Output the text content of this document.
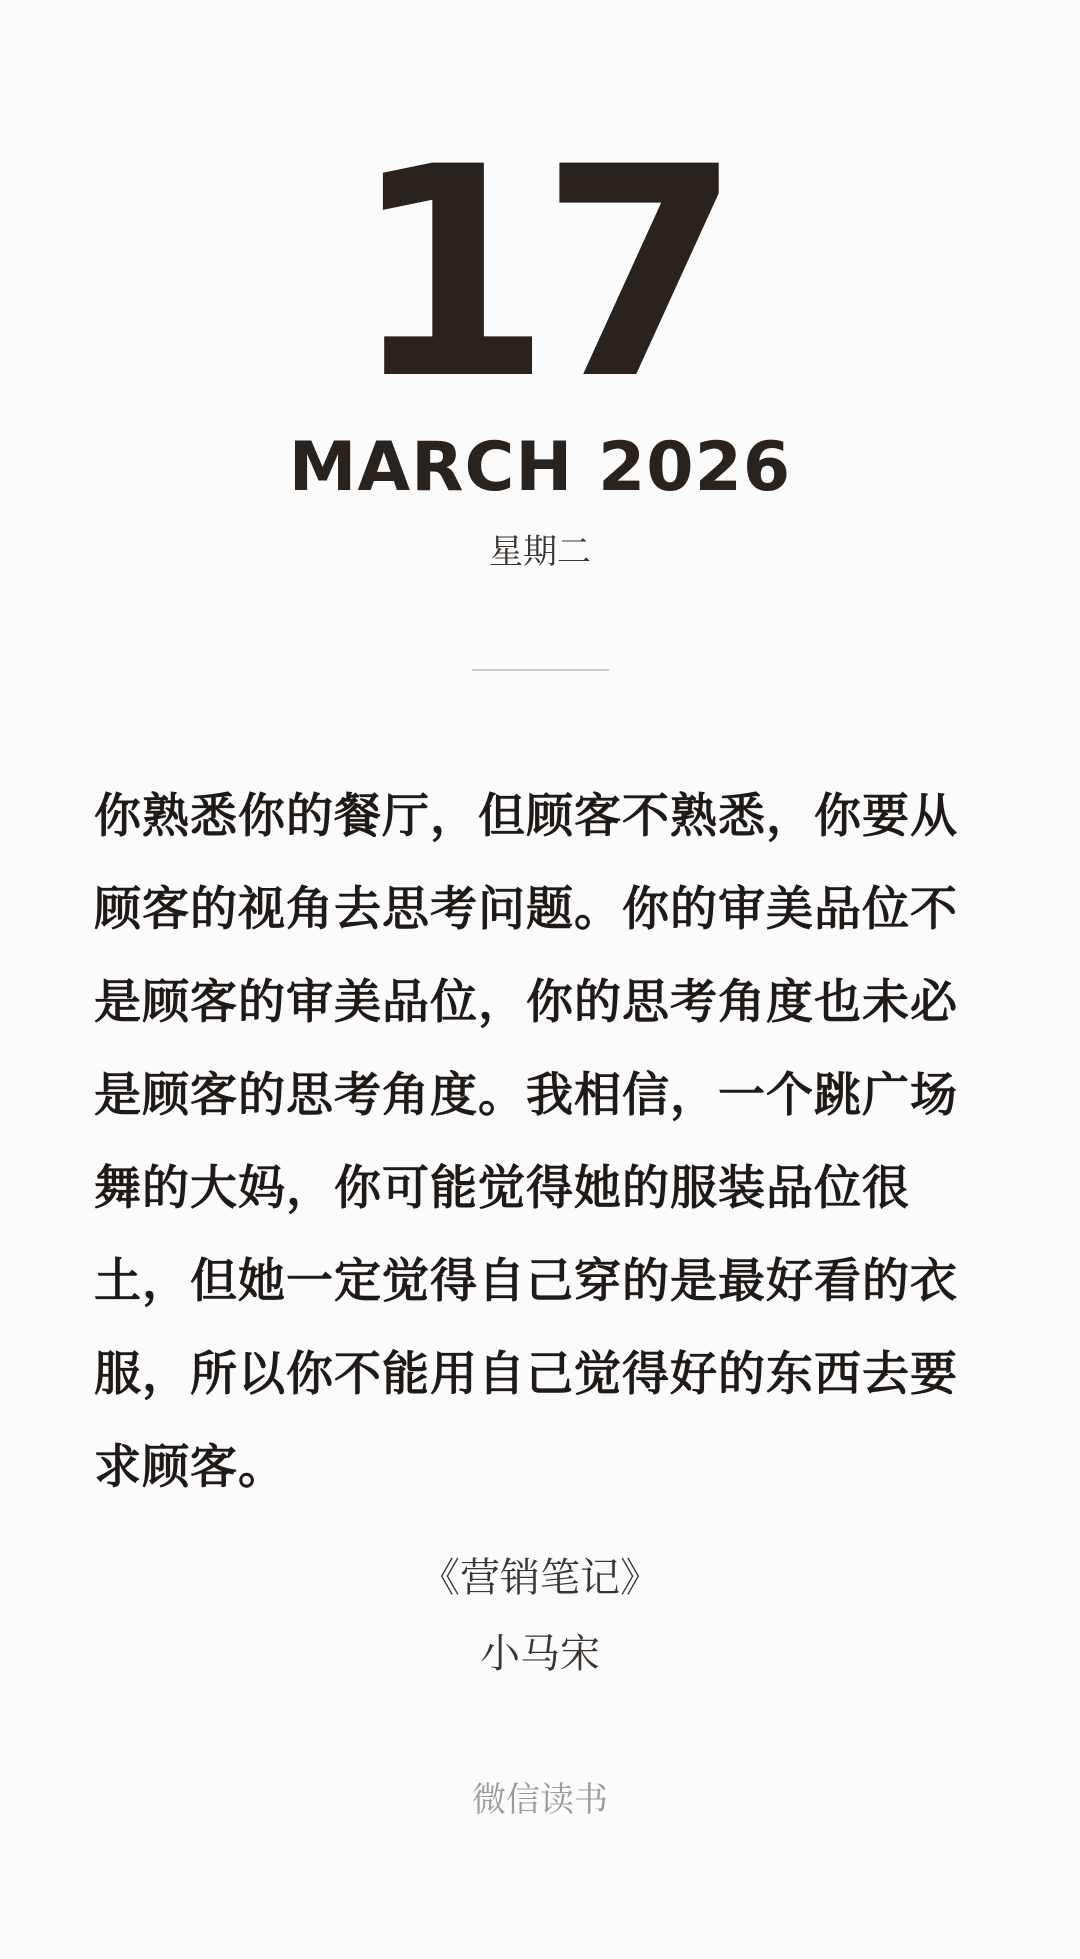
17
MARCH 2026
星期二
你熟悉你的餐厅，但顾客不熟悉，你要从
顾客的视角去思考问题。你的审美品位不
是顾客的审美品位，你的思考角度也未必
是顾客的思考角度。我相信，一个跳广场
舞的大妈，你可能觉得她的服装品位很
土，但她一定觉得自己穿的是最好看的衣
服，所以你不能用自己觉得好的东西去要
求顾客。
《营销笔记》
小马宋
微信读书
